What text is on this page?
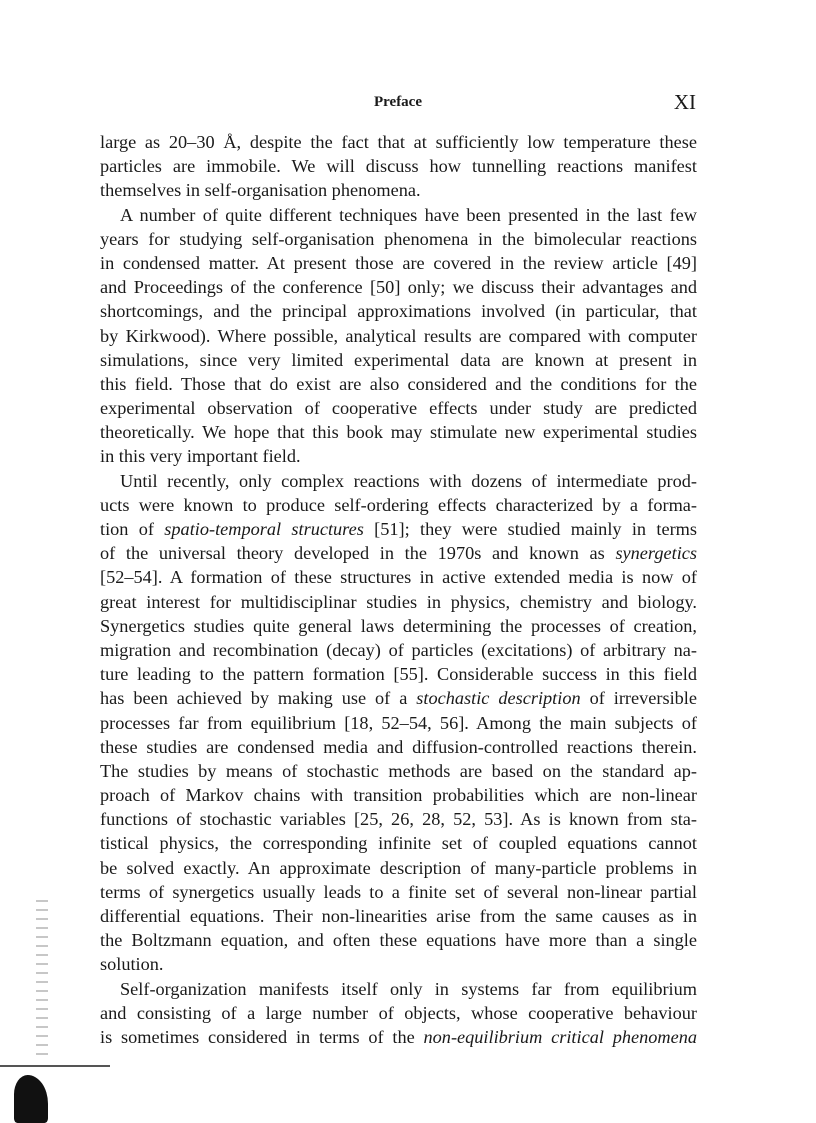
Preface	XI
large as 20–30 Å, despite the fact that at sufficiently low temperature these
particles are immobile. We will discuss how tunnelling reactions manifest
themselves in self-organisation phenomena.
A number of quite different techniques have been presented in the last few
years for studying self-organisation phenomena in the bimolecular reactions
in condensed matter. At present those are covered in the review article [49]
and Proceedings of the conference [50] only; we discuss their advantages and
shortcomings, and the principal approximations involved (in particular, that
by Kirkwood). Where possible, analytical results are compared with computer
simulations, since very limited experimental data are known at present in
this field. Those that do exist are also considered and the conditions for the
experimental observation of cooperative effects under study are predicted
theoretically. We hope that this book may stimulate new experimental studies
in this very important field.
Until recently, only complex reactions with dozens of intermediate prod-
ucts were known to produce self-ordering effects characterized by a forma-
tion of spatio-temporal structures [51]; they were studied mainly in terms
of the universal theory developed in the 1970s and known as synergetics
[52–54]. A formation of these structures in active extended media is now of
great interest for multidisciplinar studies in physics, chemistry and biology.
Synergetics studies quite general laws determining the processes of creation,
migration and recombination (decay) of particles (excitations) of arbitrary na-
ture leading to the pattern formation [55]. Considerable success in this field
has been achieved by making use of a stochastic description of irreversible
processes far from equilibrium [18, 52–54, 56]. Among the main subjects of
these studies are condensed media and diffusion-controlled reactions therein.
The studies by means of stochastic methods are based on the standard ap-
proach of Markov chains with transition probabilities which are non-linear
functions of stochastic variables [25, 26, 28, 52, 53]. As is known from sta-
tistical physics, the corresponding infinite set of coupled equations cannot
be solved exactly. An approximate description of many-particle problems in
terms of synergetics usually leads to a finite set of several non-linear partial
differential equations. Their non-linearities arise from the same causes as in
the Boltzmann equation, and often these equations have more than a single
solution.
Self-organization manifests itself only in systems far from equilibrium
and consisting of a large number of objects, whose cooperative behaviour
is sometimes considered in terms of the non-equilibrium critical phenomena
